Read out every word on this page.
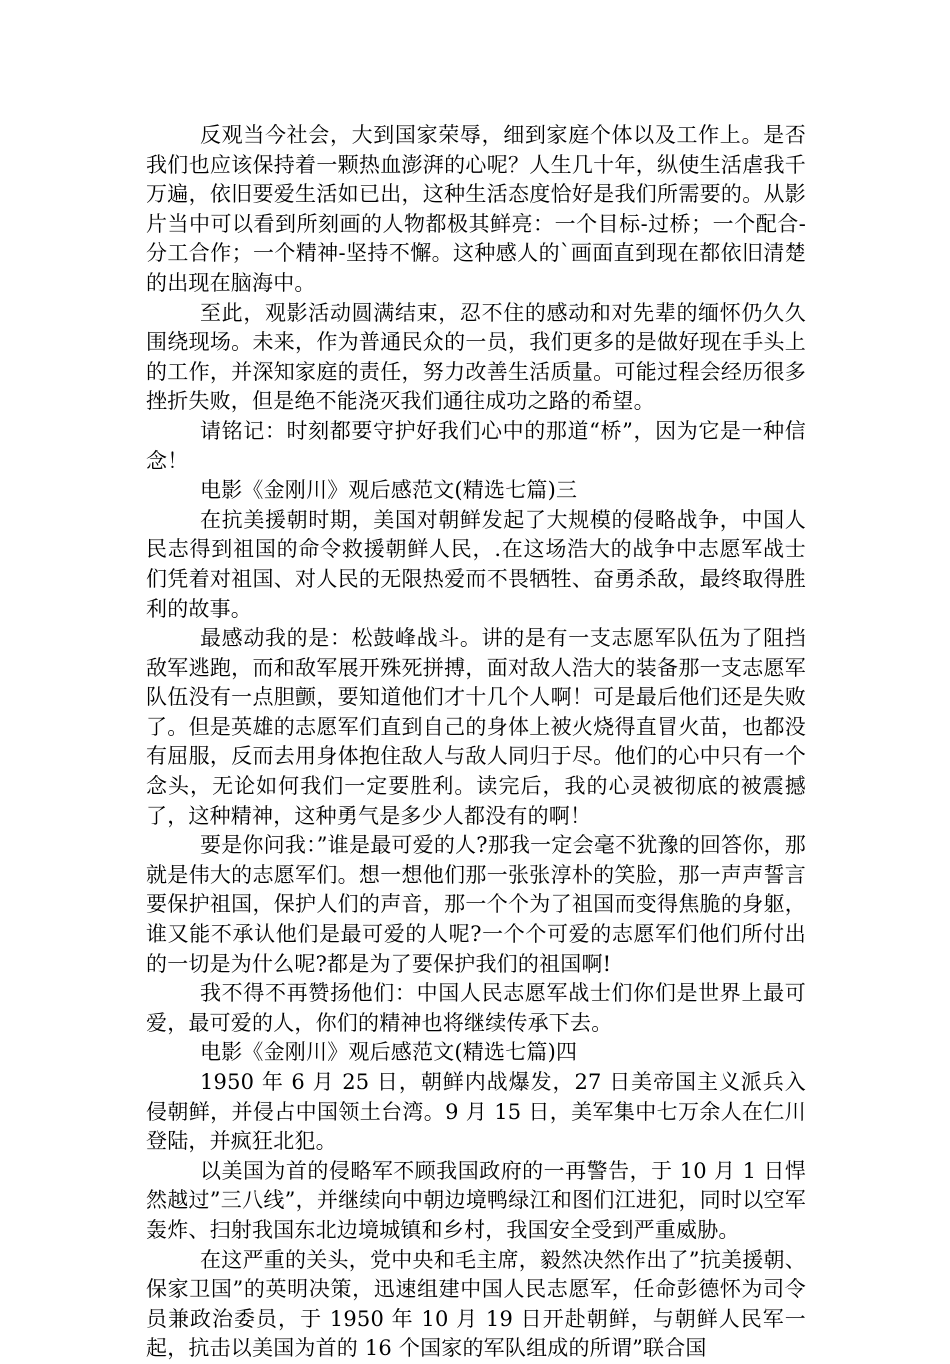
反观当今社会，大到国家荣辱，细到家庭个体以及工作上。是否我们也应该保持着一颗热血澎湃的心呢？人生几十年，纵使生活虐我千万遍，依旧要爱生活如已出，这种生活态度恰好是我们所需要的。从影片当中可以看到所刻画的人物都极其鲜亮：一个目标-过桥；一个配合-分工合作；一个精神-坚持不懈。这种感人的`画面直到现在都依旧清楚的出现在脑海中。

至此，观影活动圆满结束，忍不住的感动和对先辈的缅怀仍久久围绕现场。未来，作为普通民众的一员，我们更多的是做好现在手头上的工作，并深知家庭的责任，努力改善生活质量。可能过程会经历很多挫折失败，但是绝不能浇灭我们通往成功之路的希望。

请铭记：时刻都要守护好我们心中的那道“桥”，因为它是一种信念！

电影《金刚川》观后感范文(精选七篇)三

在抗美援朝时期，美国对朝鲜发起了大规模的侵略战争，中国人民志得到祖国的命令救援朝鲜人民，.在这场浩大的战争中志愿军战士们凭着对祖国、对人民的无限热爱而不畏牺牲、奋勇杀敌，最终取得胜利的故事。

最感动我的是：松鼓峰战斗。讲的是有一支志愿军队伍为了阻挡敌军逃跑，而和敌军展开殊死拼搏，面对敌人浩大的装备那一支志愿军队伍没有一点胆颤，要知道他们才十几个人啊！可是最后他们还是失败了。但是英雄的志愿军们直到自己的身体上被火烧得直冒火苗，也都没有屈服，反而去用身体抱住敌人与敌人同归于尽。他们的心中只有一个念头，无论如何我们一定要胜利。读完后，我的心灵被彻底的被震撼了，这种精神，这种勇气是多少人都没有的啊！

要是你问我：”谁是最可爱的人?那我一定会毫不犹豫的回答你，那就是伟大的志愿军们。想一想他们那一张张淳朴的笑脸，那一声声誓言要保护祖国，保护人们的声音，那一个个为了祖国而变得焦脆的身躯，谁又能不承认他们是最可爱的人呢?一个个可爱的志愿军们他们所付出的一切是为什么呢?都是为了要保护我们的祖国啊!

我不得不再赞扬他们：中国人民志愿军战士们你们是世界上最可爱，最可爱的人，你们的精神也将继续传承下去。

电影《金刚川》观后感范文(精选七篇)四

1950 年 6 月 25 日，朝鲜内战爆发，27 日美帝国主义派兵入侵朝鲜，并侵占中国领土台湾。9 月 15 日，美军集中七万余人在仁川登陆，并疯狂北犯。

以美国为首的侵略军不顾我国政府的一再警告，于 10 月 1 日悍然越过”三八线”，并继续向中朝边境鸭绿江和图们江进犯，同时以空军轰炸、扫射我国东北边境城镇和乡村，我国安全受到严重威胁。

在这严重的关头，党中央和毛主席，毅然决然作出了”抗美援朝、保家卫国”的英明决策，迅速组建中国人民志愿军，任命彭德怀为司令员兼政治委员，于 1950 年 10 月 19 日开赴朝鲜，与朝鲜人民军一起，抗击以美国为首的 16 个国家的军队组成的所谓”联合国
